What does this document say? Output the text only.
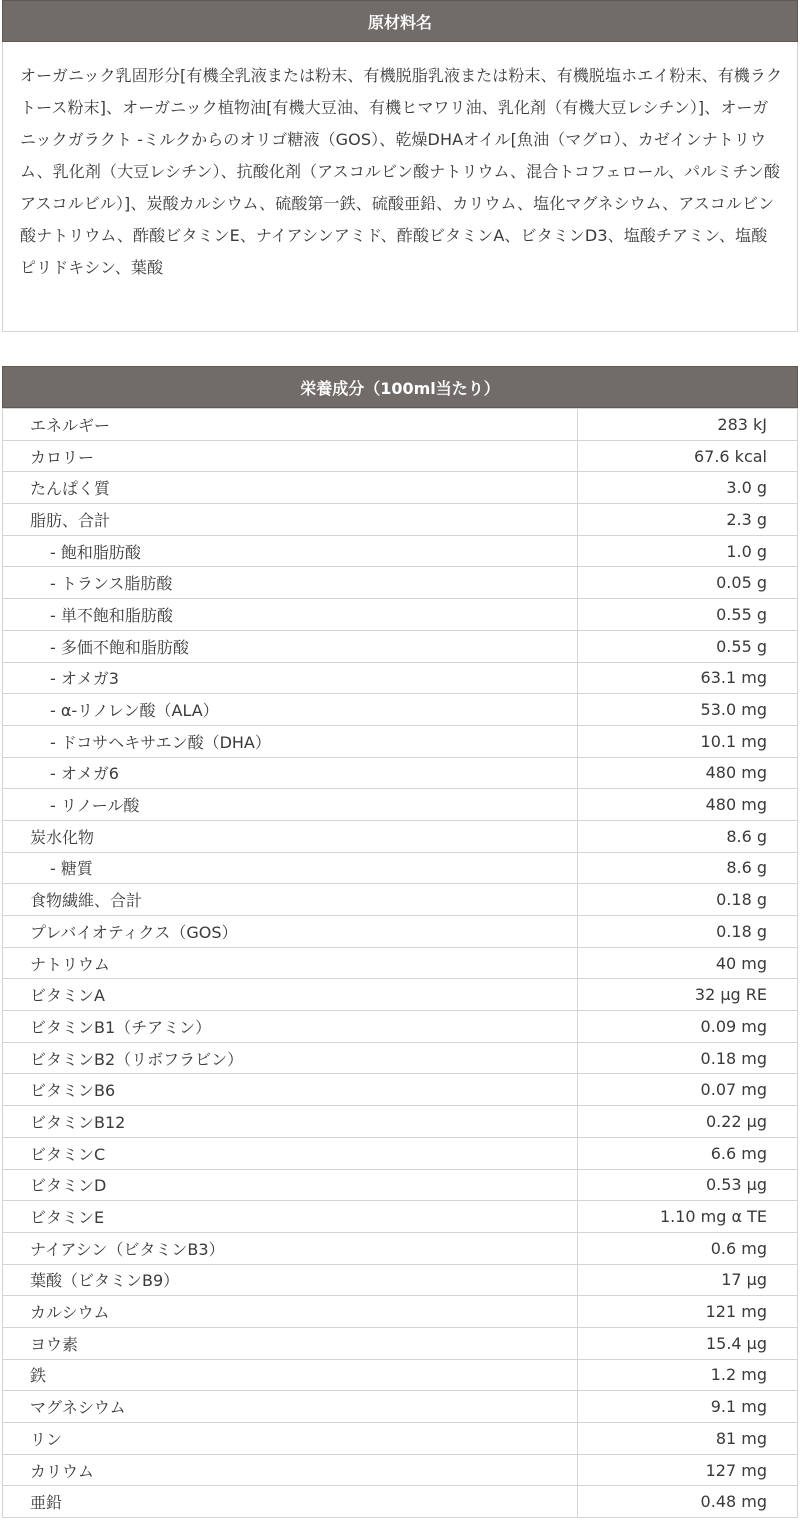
原材料名
オーガニック乳固形分[有機全乳液または粉末、有機脱脂乳液または粉末、有機脱塩ホエイ粉末、有機ラクトース粉末]、オーガニック植物油[有機大豆油、有機ヒマワリ油、乳化剤（有機大豆レシチン）]、オーガニックガラクト -ミルクからのオリゴ糖液（GOS）、乾燥DHAオイル[魚油（マグロ）、カゼインナトリウム、乳化剤（大豆レシチン）、抗酸化剤（アスコルビン酸ナトリウム、混合トコフェロール、パルミチン酸アスコルビル）]、炭酸カルシウム、硫酸第一鉄、硫酸亜鉛、カリウム、塩化マグネシウム、アスコルビン酸ナトリウム、酢酸ビタミンE、ナイアシンアミド、酢酸ビタミンA、ビタミンD3、塩酸チアミン、塩酸ピリドキシン、葉酸
栄養成分（100ml当たり）
エネルギー	283 kJ
カロリー	67.6 kcal
たんぱく質	3.0 g
脂肪、合計	2.3 g
- 飽和脂肪酸	1.0 g
- トランス脂肪酸	0.05 g
- 単不飽和脂肪酸	0.55 g
- 多価不飽和脂肪酸	0.55 g
- オメガ3	63.1 mg
- α-リノレン酸（ALA）	53.0 mg
- ドコサヘキサエン酸（DHA）	10.1 mg
- オメガ6	480 mg
- リノール酸	480 mg
炭水化物	8.6 g
- 糖質	8.6 g
食物繊維、合計	0.18 g
プレバイオティクス（GOS）	0.18 g
ナトリウム	40 mg
ビタミンA	32 µg RE
ビタミンB1（チアミン）	0.09 mg
ビタミンB2（リボフラビン）	0.18 mg
ビタミンB6	0.07 mg
ビタミンB12	0.22 µg
ビタミンC	6.6 mg
ビタミンD	0.53 µg
ビタミンE	1.10 mg α TE
ナイアシン（ビタミンB3）	0.6 mg
葉酸（ビタミンB9）	17 µg
カルシウム	121 mg
ヨウ素	15.4 µg
鉄	1.2 mg
マグネシウム	9.1 mg
リン	81 mg
カリウム	127 mg
亜鉛	0.48 mg
